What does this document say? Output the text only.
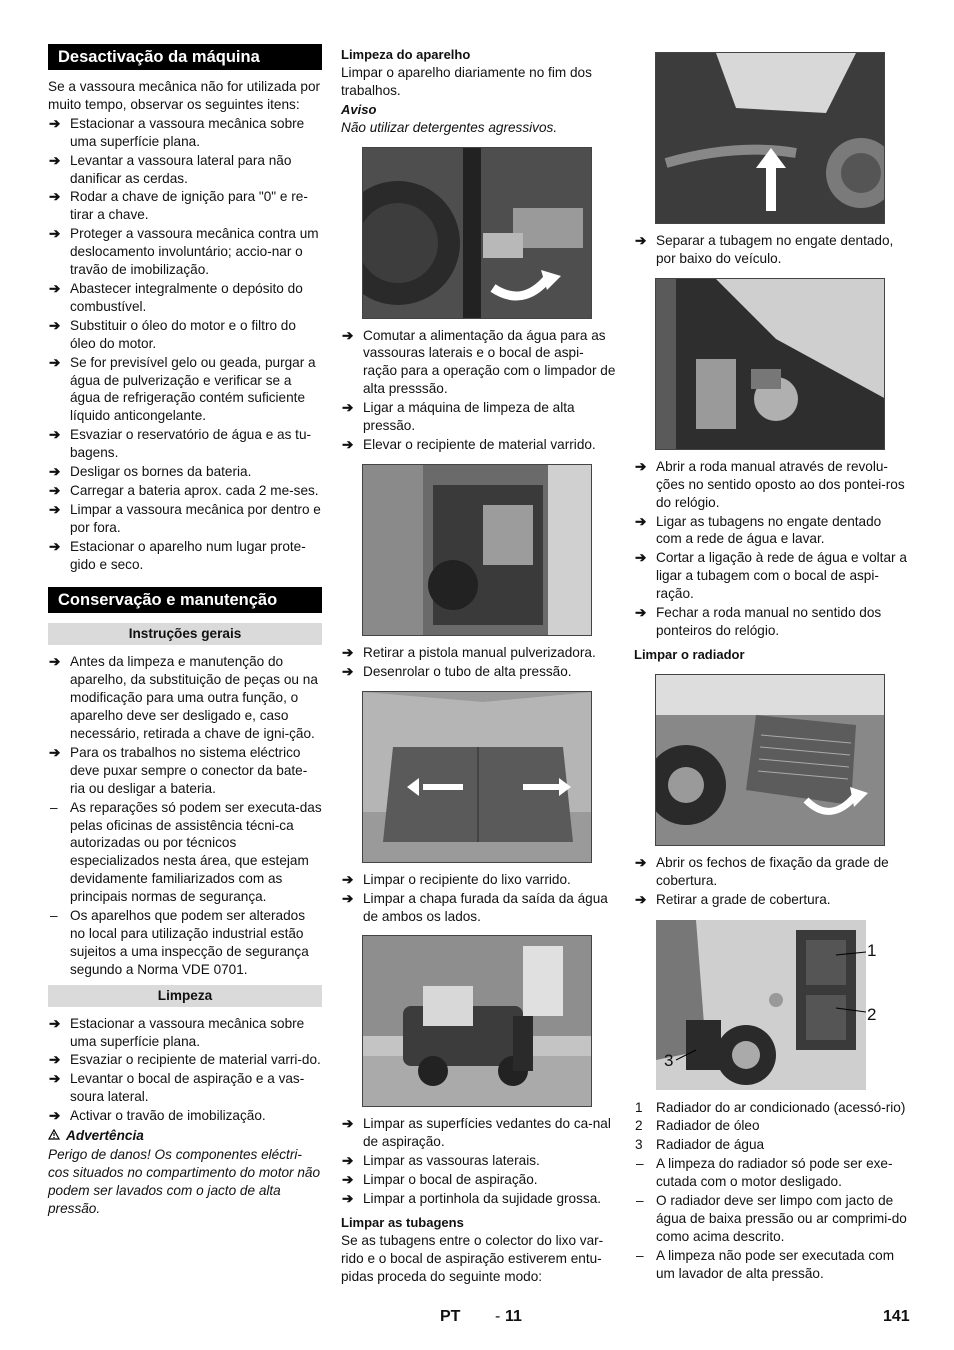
Desactivação da máquina
Se a vassoura mecânica não for utilizada por muito tempo, observar os seguintes itens:
➔ Estacionar a vassoura mecânica sobre uma superfície plana.
➔ Levantar a vassoura lateral para não danificar as cerdas.
➔ Rodar a chave de ignição para "0" e re-tirar a chave.
➔ Proteger a vassoura mecânica contra um deslocamento involuntário; accio-nar o travão de imobilização.
➔ Abastecer integralmente o depósito do combustível.
➔ Substituir o óleo do motor e o filtro do óleo do motor.
➔ Se for previsível gelo ou geada, purgar a água de pulverização e verificar se a água de refrigeração contém suficiente líquido anticongelante.
➔ Esvaziar o reservatório de água e as tu-bagens.
➔ Desligar os bornes da bateria.
➔ Carregar a bateria aprox. cada 2 me-ses.
➔ Limpar a vassoura mecânica por dentro e por fora.
➔ Estacionar o aparelho num lugar prote-gido e seco.
Conservação e manutenção
Instruções gerais
➔ Antes da limpeza e manutenção do aparelho, da substituição de peças ou na modificação para uma outra função, o aparelho deve ser desligado e, caso necessário, retirada a chave de igni-ção.
➔ Para os trabalhos no sistema eléctrico deve puxar sempre o conector da bate-ria ou desligar a bateria.
– As reparações só podem ser executa-das pelas oficinas de assistência técni-ca autorizadas ou por técnicos especializados nesta área, que estejam devidamente familiarizados com as principais normas de segurança.
– Os aparelhos que podem ser alterados no local para utilização industrial estão sujeitos a uma inspecção de segurança segundo a Norma VDE 0701.
Limpeza
➔ Estacionar a vassoura mecânica sobre uma superfície plana.
➔ Esvaziar o recipiente de material varri-do.
➔ Levantar o bocal de aspiração e a vas-soura lateral.
➔ Activar o travão de imobilização.
Advertência
Perigo de danos! Os componentes eléctri-cos situados no compartimento do motor não podem ser lavados com o jacto de alta pressão.
Limpeza do aparelho
Limpar o aparelho diariamente no fim dos trabalhos.
Aviso
Não utilizar detergentes agressivos.
➔ Comutar a alimentação da água para as vassouras laterais e o bocal de aspi-ração para a operação com o limpador de alta presssão.
➔ Ligar a máquina de limpeza de alta pressão.
➔ Elevar o recipiente de material varrido.
➔ Retirar a pistola manual pulverizadora.
➔ Desenrolar o tubo de alta pressão.
➔ Limpar o recipiente do lixo varrido.
➔ Limpar a chapa furada da saída da água de ambos os lados.
➔ Limpar as superfícies vedantes do ca-nal de aspiração.
➔ Limpar as vassouras laterais.
➔ Limpar o bocal de aspiração.
➔ Limpar a portinhola da sujidade grossa.
Limpar as tubagens
Se as tubagens entre o colector do lixo var-rido e o bocal de aspiração estiverem entu-pidas proceda do seguinte modo:
➔ Separar a tubagem no engate dentado, por baixo do veículo.
➔ Abrir a roda manual através de revolu-ções no sentido oposto ao dos pontei-ros do relógio.
➔ Ligar as tubagens no engate dentado com a rede de água e lavar.
➔ Cortar a ligação à rede de água e voltar a ligar a tubagem com o bocal de aspi-ração.
➔ Fechar a roda manual no sentido dos ponteiros do relógio.
Limpar o radiador
➔ Abrir os fechos de fixação da grade de cobertura.
➔ Retirar a grade de cobertura.
1
2
3
1 Radiador do ar condicionado (acessó-rio)
2 Radiador de óleo
3 Radiador de água
– A limpeza do radiador só pode ser exe-cutada com o motor desligado.
– O radiador deve ser limpo com jacto de água de baixa pressão ou ar comprimi-do como acima descrito.
– A limpeza não pode ser executada com um lavador de alta pressão.
PT - 11	141
